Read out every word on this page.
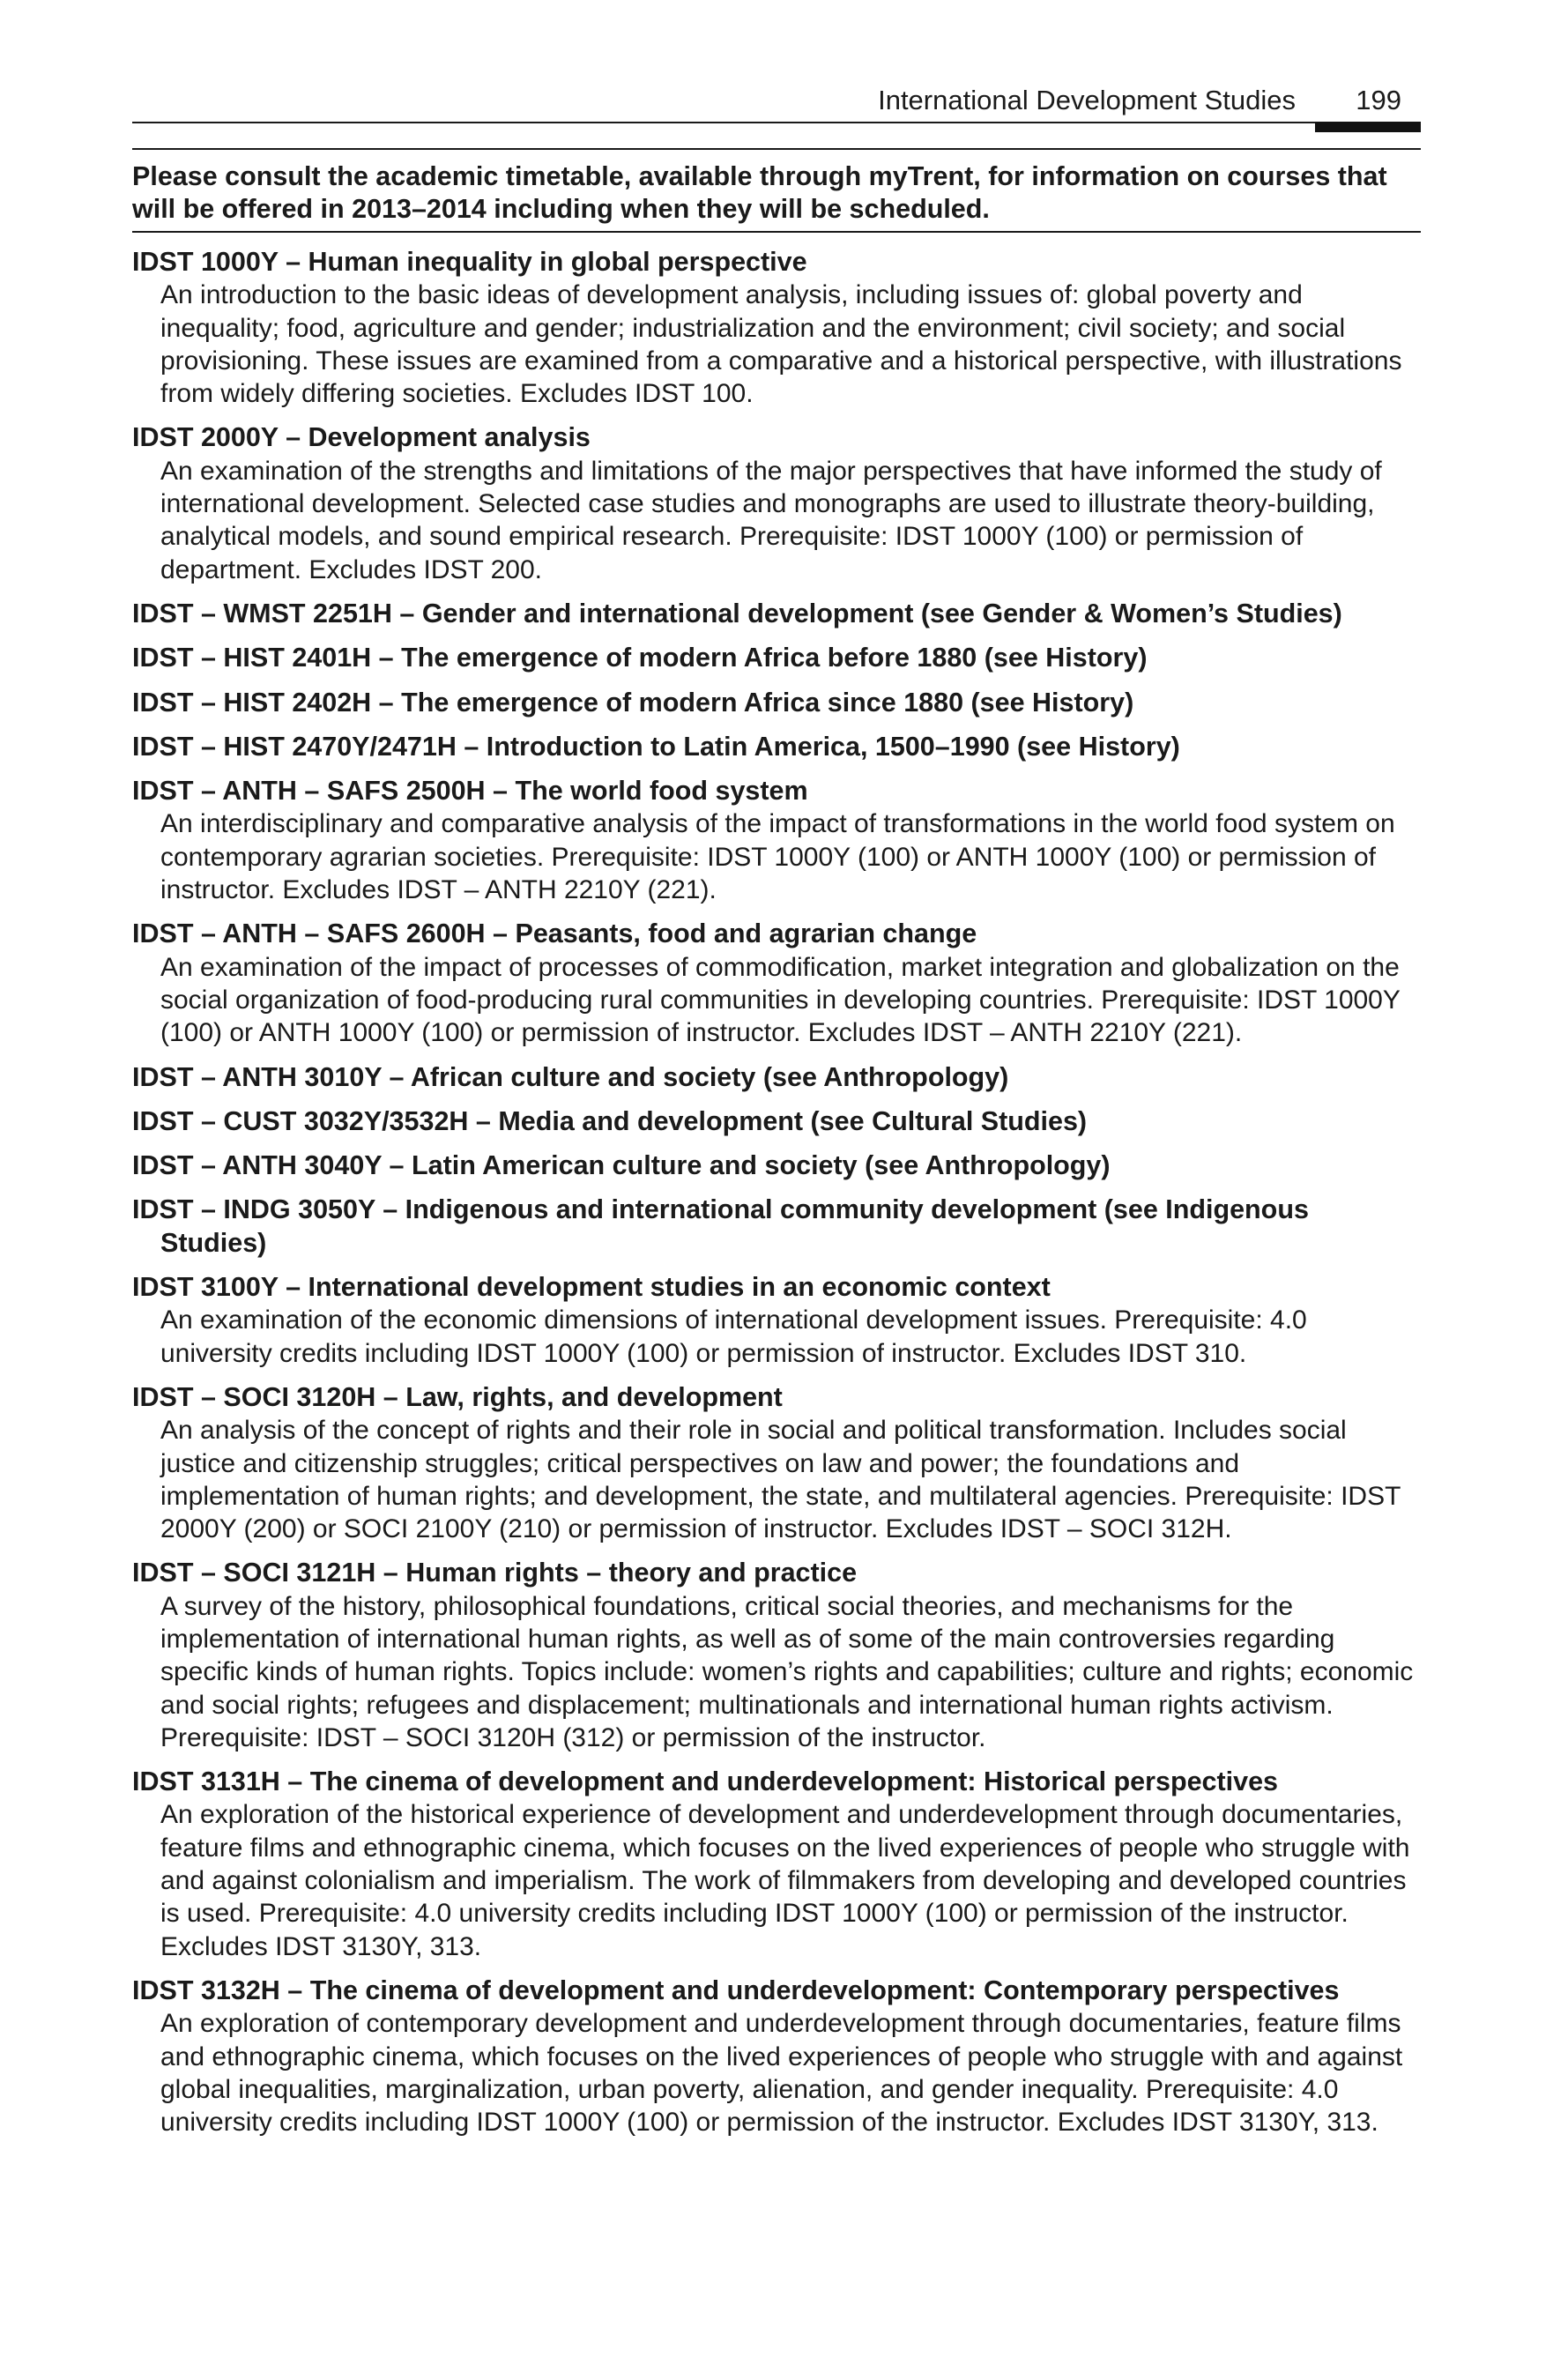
International Development Studies 199
Please consult the academic timetable, available through myTrent, for information on courses that will be offered in 2013–2014 including when they will be scheduled.
IDST 1000Y – Human inequality in global perspective
An introduction to the basic ideas of development analysis, including issues of: global poverty and inequality; food, agriculture and gender; industrialization and the environment; civil society; and social provisioning. These issues are examined from a comparative and a historical perspective, with illustrations from widely differing societies. Excludes IDST 100.
IDST 2000Y – Development analysis
An examination of the strengths and limitations of the major perspectives that have informed the study of international development. Selected case studies and monographs are used to illustrate theory-building, analytical models, and sound empirical research. Prerequisite: IDST 1000Y (100) or permission of department. Excludes IDST 200.
IDST – WMST 2251H – Gender and international development (see Gender & Women’s Studies)
IDST – HIST 2401H – The emergence of modern Africa before 1880 (see History)
IDST – HIST 2402H – The emergence of modern Africa since 1880 (see History)
IDST – HIST 2470Y/2471H – Introduction to Latin America, 1500–1990 (see History)
IDST – ANTH – SAFS 2500H – The world food system
An interdisciplinary and comparative analysis of the impact of transformations in the world food system on contemporary agrarian societies. Prerequisite: IDST 1000Y (100) or ANTH 1000Y (100) or permission of instructor. Excludes IDST – ANTH 2210Y (221).
IDST – ANTH – SAFS 2600H – Peasants, food and agrarian change
An examination of the impact of processes of commodification, market integration and globalization on the social organization of food-producing rural communities in developing countries. Prerequisite: IDST 1000Y (100) or ANTH 1000Y (100) or permission of instructor. Excludes IDST – ANTH 2210Y (221).
IDST – ANTH 3010Y – African culture and society (see Anthropology)
IDST – CUST 3032Y/3532H – Media and development (see Cultural Studies)
IDST – ANTH 3040Y – Latin American culture and society (see Anthropology)
IDST – INDG 3050Y – Indigenous and international community development (see Indigenous Studies)
IDST 3100Y – International development studies in an economic context
An examination of the economic dimensions of international development issues. Prerequisite: 4.0 university credits including IDST 1000Y (100) or permission of instructor. Excludes IDST 310.
IDST – SOCI 3120H – Law, rights, and development
An analysis of the concept of rights and their role in social and political transformation. Includes social justice and citizenship struggles; critical perspectives on law and power; the foundations and implementation of human rights; and development, the state, and multilateral agencies. Prerequisite: IDST 2000Y (200) or SOCI 2100Y (210) or permission of instructor. Excludes IDST – SOCI 312H.
IDST – SOCI 3121H – Human rights – theory and practice
A survey of the history, philosophical foundations, critical social theories, and mechanisms for the implementation of international human rights, as well as of some of the main controversies regarding specific kinds of human rights. Topics include: women’s rights and capabilities; culture and rights; economic and social rights; refugees and displacement; multinationals and international human rights activism. Prerequisite: IDST – SOCI 3120H (312) or permission of the instructor.
IDST 3131H – The cinema of development and underdevelopment: Historical perspectives
An exploration of the historical experience of development and underdevelopment through documentaries, feature films and ethnographic cinema, which focuses on the lived experiences of people who struggle with and against colonialism and imperialism. The work of filmmakers from developing and developed countries is used. Prerequisite: 4.0 university credits including IDST 1000Y (100) or permission of the instructor. Excludes IDST 3130Y, 313.
IDST 3132H – The cinema of development and underdevelopment: Contemporary perspectives
An exploration of contemporary development and underdevelopment through documentaries, feature films and ethnographic cinema, which focuses on the lived experiences of people who struggle with and against global inequalities, marginalization, urban poverty, alienation, and gender inequality. Prerequisite: 4.0 university credits including IDST 1000Y (100) or permission of the instructor. Excludes IDST 3130Y, 313.
